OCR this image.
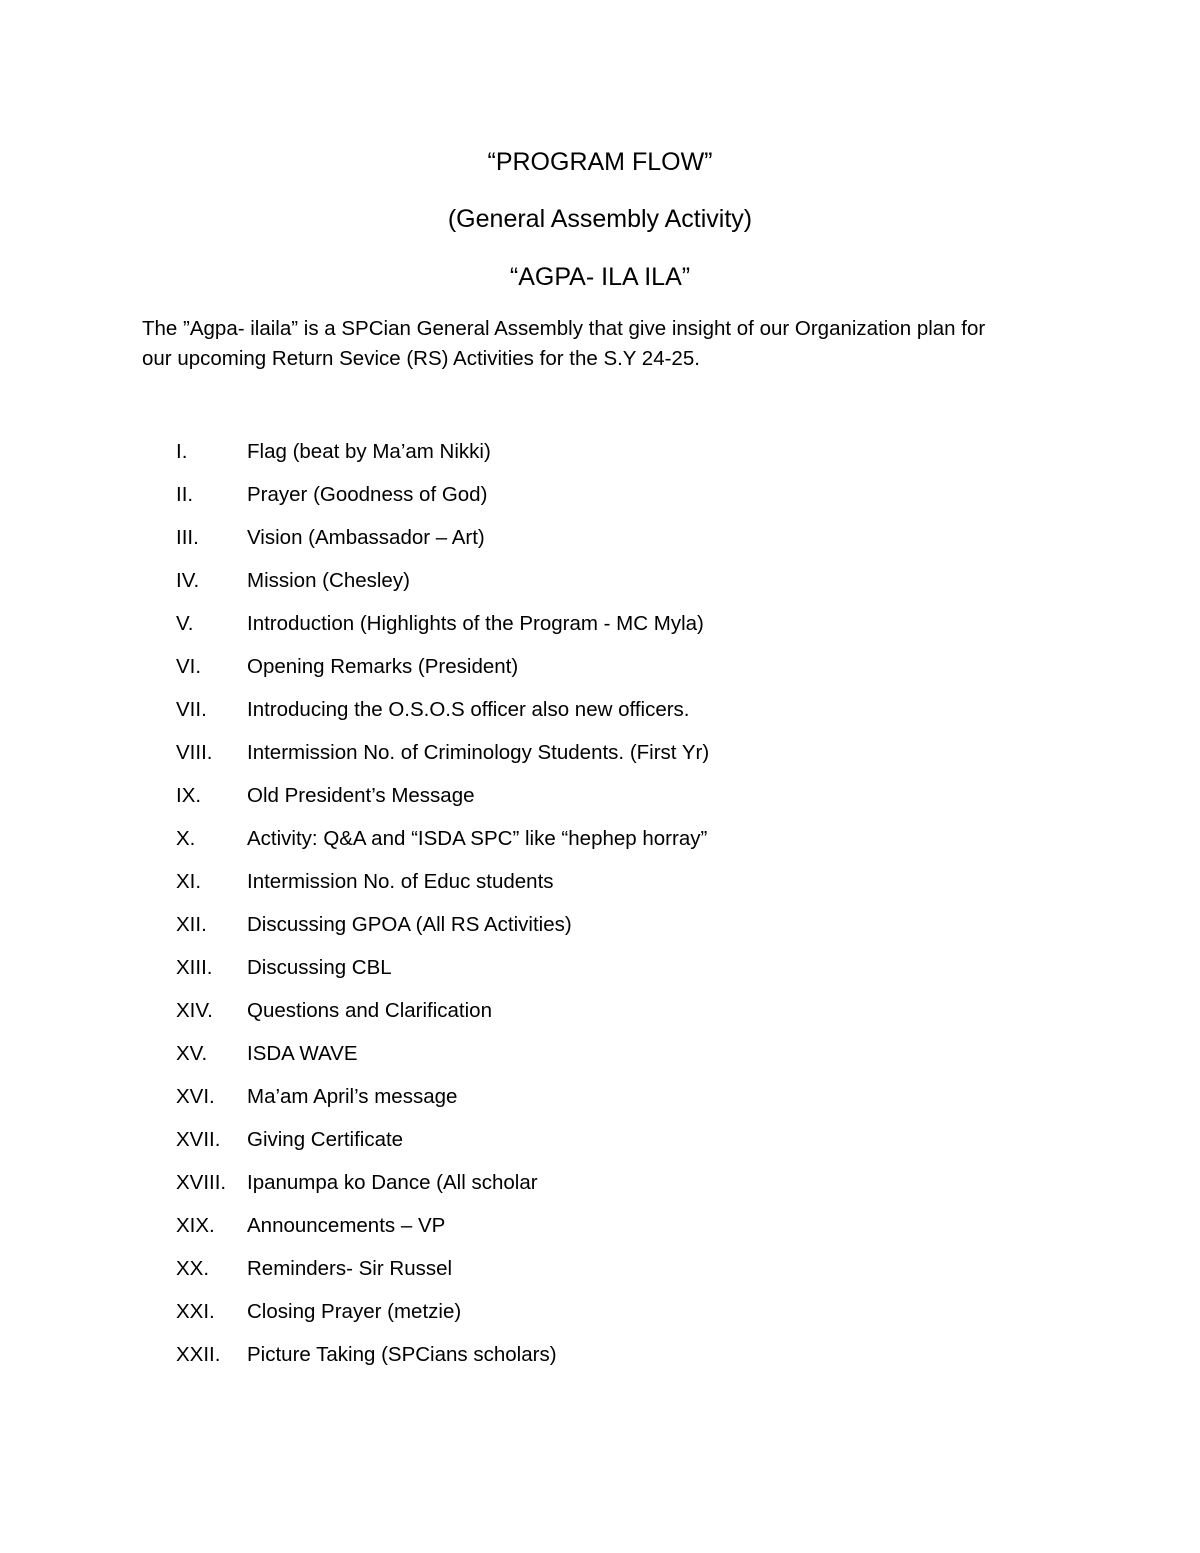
“PROGRAM FLOW”
(General Assembly Activity)
“AGPA- ILA ILA”

The ”Agpa- ilaila” is a SPCian General Assembly that give insight of our Organization plan for

our upcoming Return Sevice (RS) Activities for the S.Y 24-25.

I.	Flag (beat by Ma’am Nikki)
II.	Prayer (Goodness of God)
III.	Vision (Ambassador – Art)
IV.	Mission (Chesley)
V.	Introduction (Highlights of the Program - MC Myla)
VI.	Opening Remarks (President)
VII.	Introducing the O.S.O.S officer also new officers.
VIII.	Intermission No. of Criminology Students. (First Yr)
IX.	Old President’s Message
X.	Activity: Q&A and “ISDA SPC” like “hephep horray”
XI.	Intermission No. of Educ students
XII.	Discussing GPOA (All RS Activities)
XIII.	Discussing CBL
XIV.	Questions and Clarification
XV.	ISDA WAVE
XVI.	Ma’am April’s message
XVII.	Giving Certificate
XVIII.	Ipanumpa ko Dance (All scholar
XIX.	Announcements – VP
XX.	Reminders- Sir Russel
XXI.	Closing Prayer (metzie)
XXII.	Picture Taking (SPCians scholars)
